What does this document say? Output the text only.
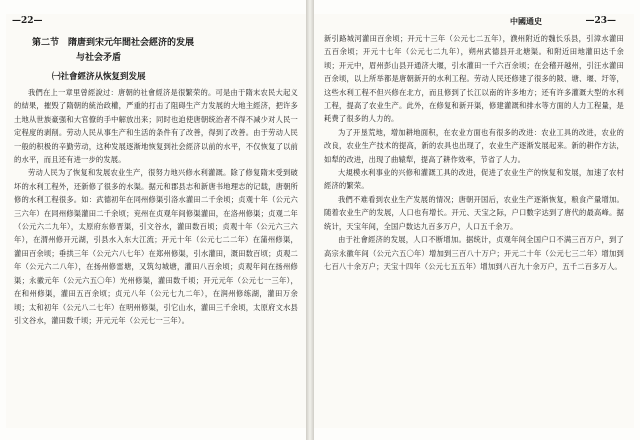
—22—
第二节　隋唐到宋元年間社会經济的发展
与社会矛盾
㈠社會經济从恢复到发展

我們在上一章里曾經說过：唐朝的社會經济是很繁荣的。可是由于隋末农民大起义的結果，摧毁了隋朝的統治政權，严重的打击了阻碍生产力发展的大地主經济，把许多土地从世族豪强和大官僚的手中解放出来；同时也迫使唐朝统治者不得不减少对人民一定程度的剥削。劳动人民从事生产和生活的条件有了改善，得到了改善。由于劳动人民一般的积极的辛勤劳动，这种发展逐渐地恢复到社会經济以前的水平，不仅恢复了以前的水平，而且还有进一步的发展。

劳动人民为了恢复和发展农业生产，很努力地兴修水利灌溉。除了修复隋末受到破坏的水利工程外，还新修了很多的水渠。据元和郡县志和新唐书地理志的记载，唐朝所修的水利工程很多。如：武德初年在同州修渠引洛水灌田二千余顷；贞观十年（公元六三六年）在同州修渠灌田二千余顷；兖州在贞观年间修渠灌田，在洛州修渠；贞观二年（公元六二九年），太原府东修晋渠，引文谷水，灌田数百顷；贞观十年（公元六三六年），在渭州修开元湖，引县水入东大江流；开元十年（公元七二二年）在蒲州修渠，灌田百余顷；垂拱三年（公元六八七年）在郑州修渠，引水灌田，溉田数百顷；贞观二年（公元六二八年），在扬州修雷塘，又筑勾城塘，灌田八百余顷；贞观年间在扬州修渠；永徽元年（公元六五〇年）光州修渠，灌田数千顷；开元元年（公元七一三年），在和州修渠，灌田五百余顷；贞元八年（公元七九二年），在润州修练湖，灌田万余顷；太和初年（公元八二七年）在明州修渠，引它山水，灌田三千余顷，太原府文水县引文谷水，灌田数千顷；开元元年（公元七一三年）。

中國通史	—23—

新引路城河灌田百余顷；开元十三年（公元七二五年），濮州附近的魏长乐县，引漳水灌田五百余顷；开元十七年（公元七二九年），朔州武德县开北塘渠。和附近田地灌田达千余顷；开元中，眉州彭山县开通济大堰，引水灌田一千六百余顷；在会稽开越州，引汪水灌田百余顷，以上所举都是唐朝新开的水利工程。劳动人民还修建了很多的陂、塘、堰、圩等，这些水利工程不但兴修在北方，而且修到了长江以南的许多地方；还有许多灌溉大型的水利工程，提高了农业生产。此外，在修复和新开渠，修建灌溉和排水等方面的人力工程量，是耗费了很多的人力的。

为了开垦荒地，增加耕地面积，在农业方面也有很多的改进：农业工具的改进，农业的改良，农业生产技术的提高，新的农具也出现了，农业生产逐渐发展起来。新的耕作方法，如犁的改进，出现了曲辕犁，提高了耕作效率，节省了人力。

大規模水利事业的兴修和灌溉工具的改进，促进了农业生产的恢复和发展，加速了农村經济的繁荣。

我們不难看到农业生产发展的情况；唐朝开国后，农业生产逐渐恢复，粮食产量增加。随着农业生产的发展，人口也有增长。开元、天宝之际，户口數字达到了唐代的最高峰。据统计，天宝年间，全国户数达九百多万户，人口五千余万。

由于社會經济的发展，人口不断增加。据统计，贞观年间全国户口不满三百万户，到了高宗永徽年间（公元六五〇年）增加到三百八十万户；开元二十年（公元七三二年）增加到七百八十余万户；天宝十四年（公元七五五年）增加到八百九十余万户，五千二百多万人。
